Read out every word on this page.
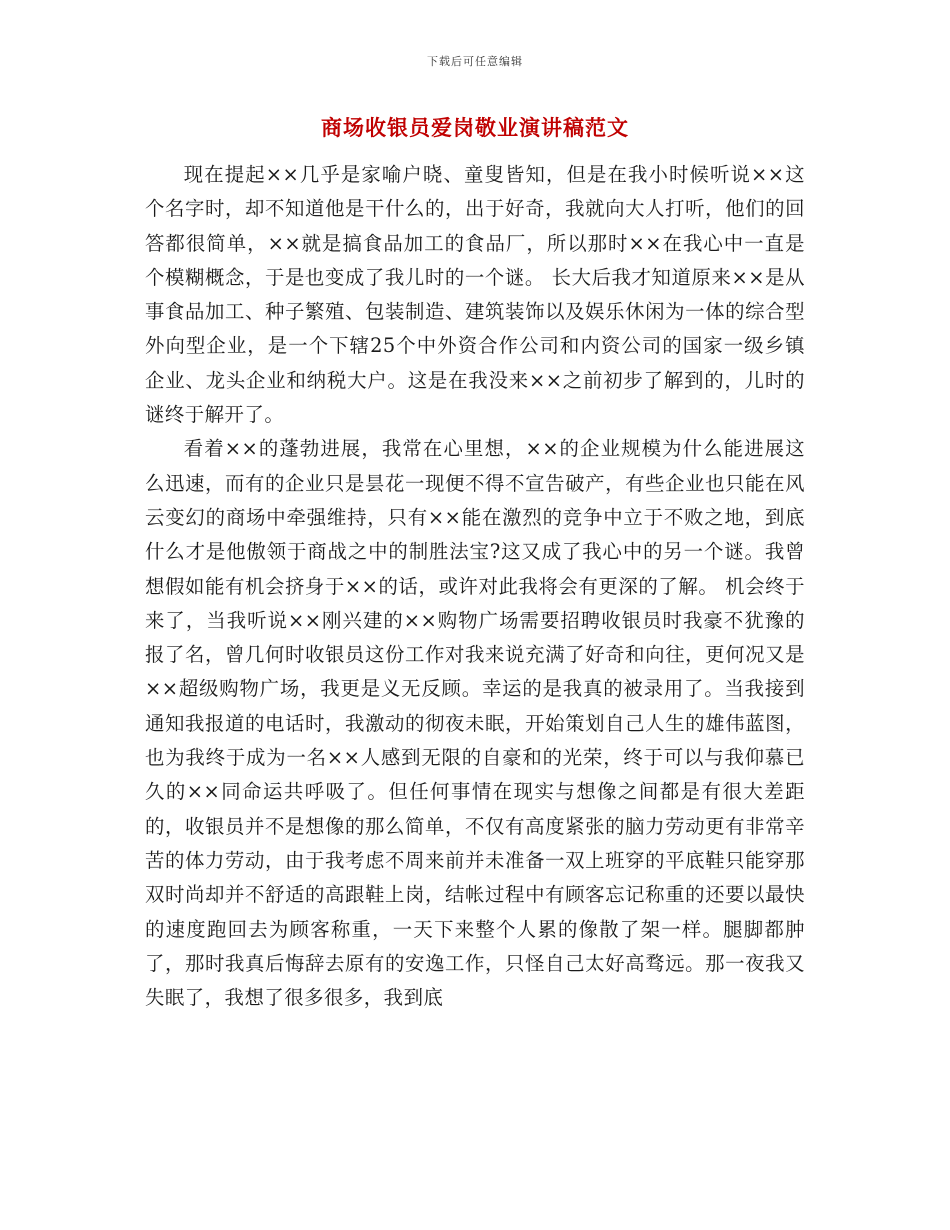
下载后可任意编辑
商场收银员爱岗敬业演讲稿范文

现在提起××几乎是家喻户晓、童叟皆知，但是在我小时候听说××这个名字时，却不知道他是干什么的，出于好奇，我就向大人打听，他们的回答都很简单，××就是搞食品加工的食品厂，所以那时××在我心中一直是个模糊概念，于是也变成了我儿时的一个谜。 长大后我才知道原来××是从事食品加工、种子繁殖、包装制造、建筑装饰以及娱乐休闲为一体的综合型外向型企业，是一个下辖25个中外资合作公司和内资公司的国家一级乡镇企业、龙头企业和纳税大户。这是在我没来××之前初步了解到的，儿时的谜终于解开了。

看着××的蓬勃进展，我常在心里想，××的企业规模为什么能进展这么迅速，而有的企业只是昙花一现便不得不宣告破产，有些企业也只能在风云变幻的商场中牵强维持，只有××能在激烈的竞争中立于不败之地，到底什么才是他傲领于商战之中的制胜法宝?这又成了我心中的另一个谜。我曾想假如能有机会挤身于××的话，或许对此我将会有更深的了解。 机会终于来了，当我听说××刚兴建的××购物广场需要招聘收银员时我豪不犹豫的报了名，曾几何时收银员这份工作对我来说充满了好奇和向往，更何况又是××超级购物广场，我更是义无反顾。幸运的是我真的被录用了。当我接到通知我报道的电话时，我激动的彻夜未眠，开始策划自己人生的雄伟蓝图，也为我终于成为一名××人感到无限的自豪和的光荣，终于可以与我仰慕已久的××同命运共呼吸了。但任何事情在现实与想像之间都是有很大差距的，收银员并不是想像的那么简单，不仅有高度紧张的脑力劳动更有非常辛苦的体力劳动，由于我考虑不周来前并未准备一双上班穿的平底鞋只能穿那双时尚却并不舒适的高跟鞋上岗，结帐过程中有顾客忘记称重的还要以最快的速度跑回去为顾客称重，一天下来整个人累的像散了架一样。腿脚都肿了，那时我真后悔辞去原有的安逸工作，只怪自己太好高骛远。那一夜我又失眠了，我想了很多很多，我到底
